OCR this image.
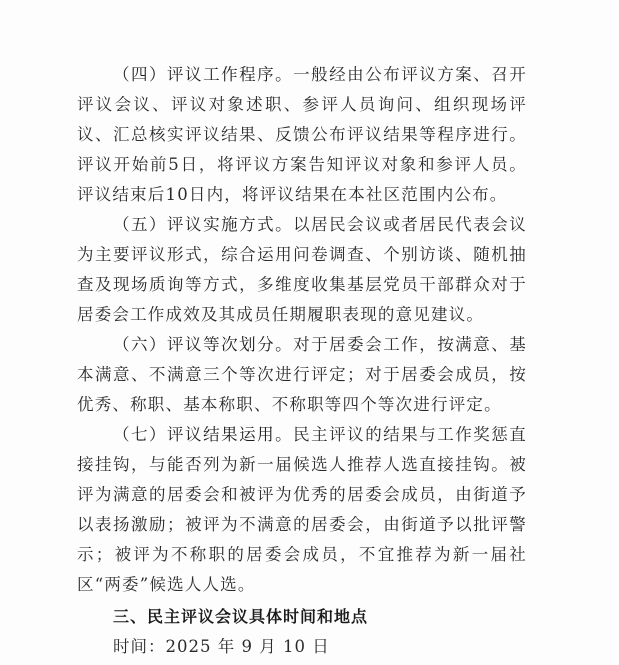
（四）评议工作程序。一般经由公布评议方案、召开评议会议、评议对象述职、参评人员询问、组织现场评议、汇总核实评议结果、反馈公布评议结果等程序进行。评议开始前5日，将评议方案告知评议对象和参评人员。评议结束后10日内，将评议结果在本社区范围内公布。

（五）评议实施方式。以居民会议或者居民代表会议为主要评议形式，综合运用问卷调查、个别访谈、随机抽查及现场质询等方式，多维度收集基层党员干部群众对于居委会工作成效及其成员任期履职表现的意见建议。

（六）评议等次划分。对于居委会工作，按满意、基本满意、不满意三个等次进行评定；对于居委会成员，按优秀、称职、基本称职、不称职等四个等次进行评定。

（七）评议结果运用。民主评议的结果与工作奖惩直接挂钩，与能否列为新一届候选人推荐人选直接挂钩。被评为满意的居委会和被评为优秀的居委会成员，由街道予以表扬激励；被评为不满意的居委会，由街道予以批评警示；被评为不称职的居委会成员，不宜推荐为新一届社区“两委”候选人人选。

三、民主评议会议具体时间和地点

时间：2025 年 9 月 10 日
